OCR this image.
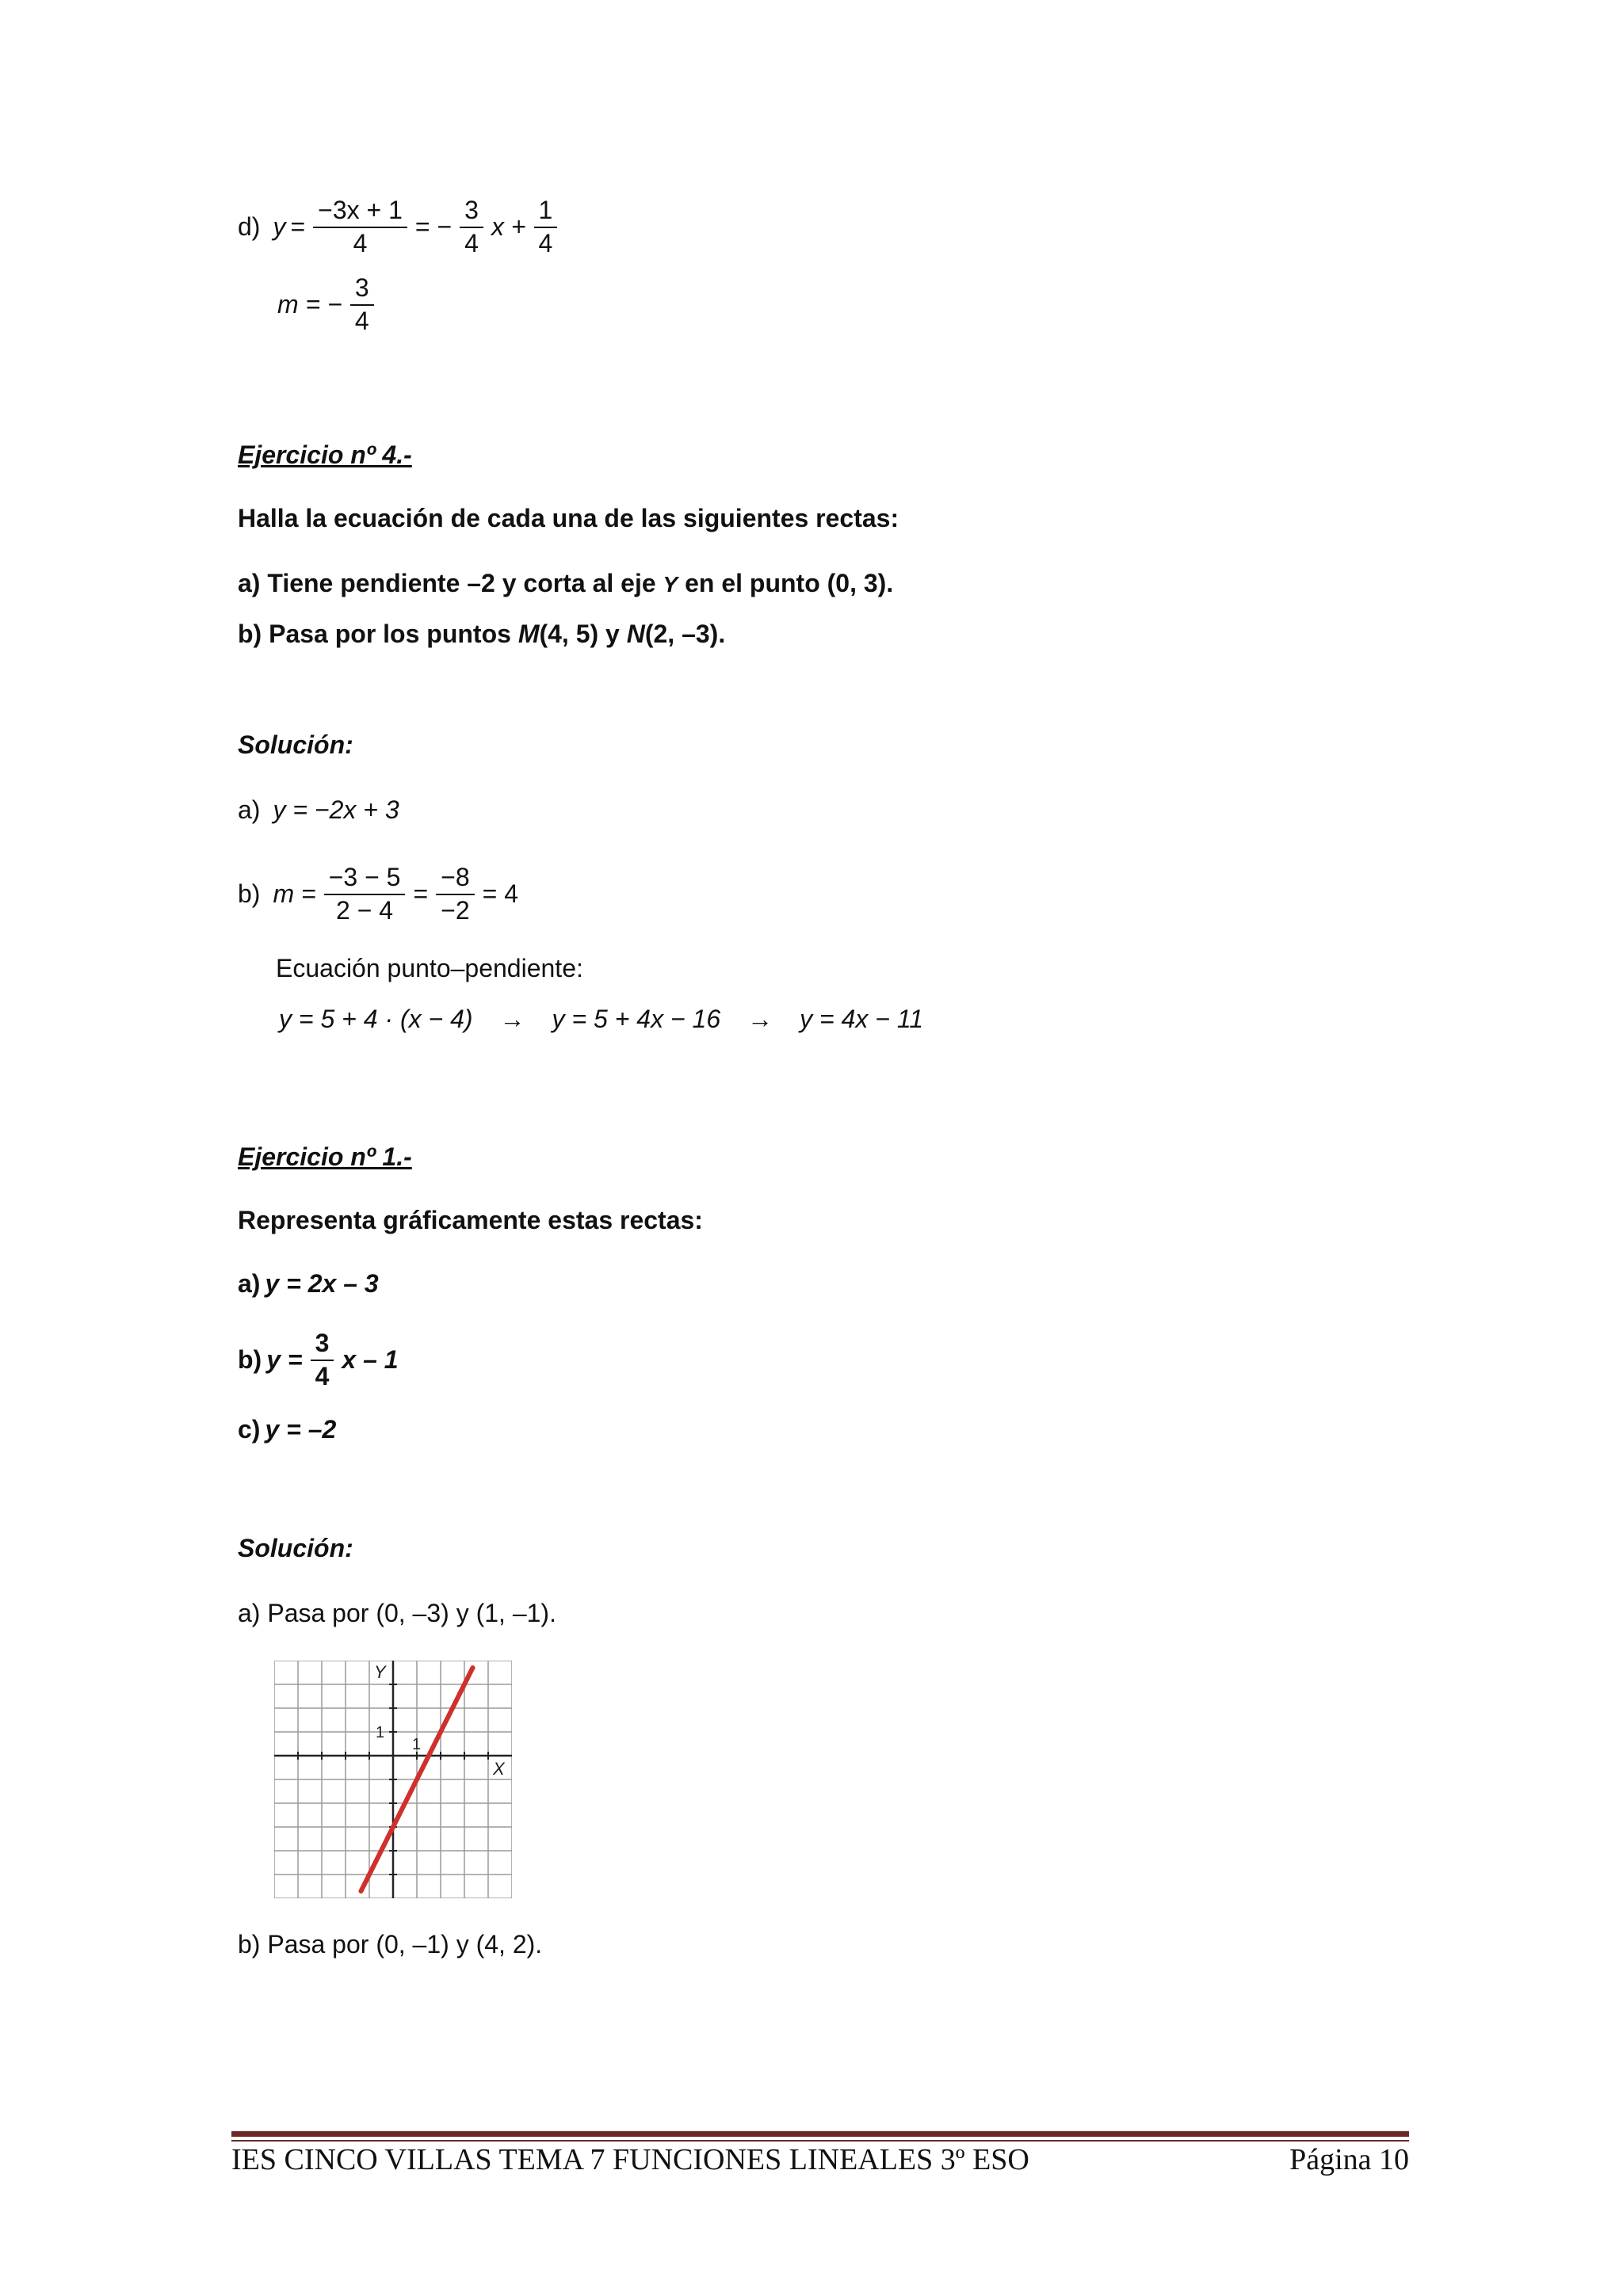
d) $y = \frac{-3x + 1}{4}$ = − $\frac{3}{4}$ $x + \frac{1}{4}$
m = − $\frac{3}{4}$
Ejercicio nº 4.-
Halla la ecuación de cada una de las siguientes rectas:
a) Tiene pendiente –2 y corta al eje Y en el punto (0, 3).
b) Pasa por los puntos M(4, 5) y N(2, –3).
Solución:
a) y = −2x + 3
b) $m = \frac{-3 - 5}{2 - 4} = \frac{-8}{-2} = 4$
Ecuación punto–pendiente:
y = 5 + 4 · (x − 4) → y = 5 + 4x − 16 → y = 4x − 11
Ejercicio nº 1.-
Representa gráficamente estas rectas:
a) y = 2x – 3
b) $y = \frac{3}{4}$ x – 1
c) y = –2
Solución:
a) Pasa por (0, –3) y (1, –1).
Y
X
1
1
b) Pasa por (0, –1) y (4, 2).
IES CINCO VILLAS TEMA 7 FUNCIONES LINEALES 3º ESO	Página 10
